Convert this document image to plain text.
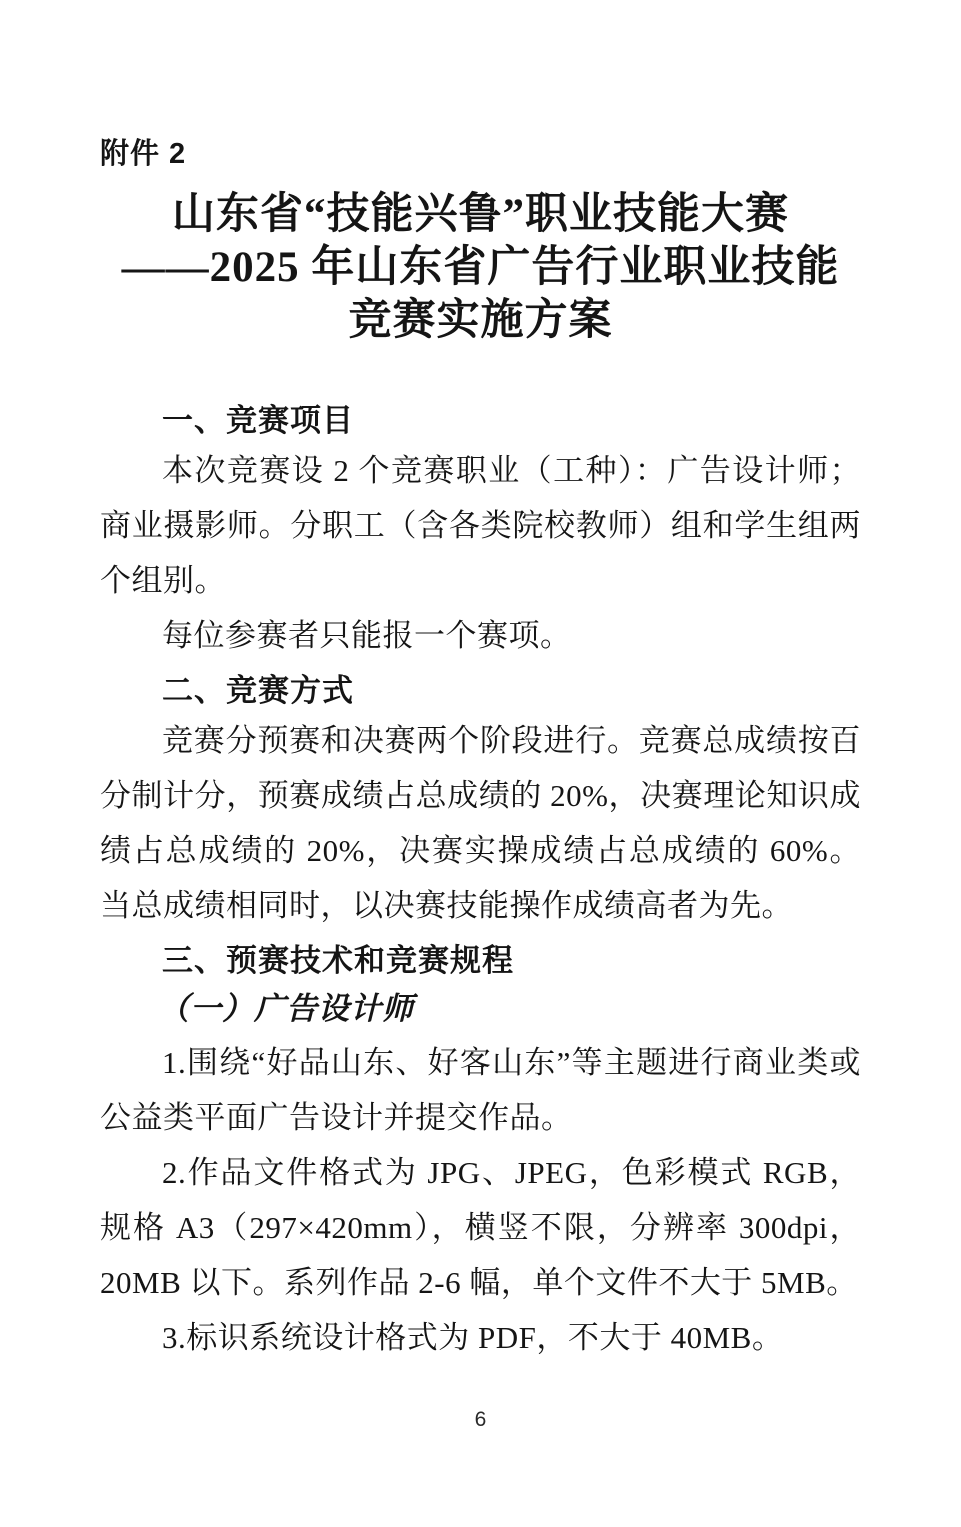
附件 2
山东省“技能兴鲁”职业技能大赛
——2025 年山东省广告行业职业技能
竞赛实施方案
一、竞赛项目

本次竞赛设 2 个竞赛职业（工种）：广告设计师；商业摄影师。分职工（含各类院校教师）组和学生组两个组别。

每位参赛者只能报一个赛项。

二、竞赛方式

竞赛分预赛和决赛两个阶段进行。竞赛总成绩按百分制计分，预赛成绩占总成绩的 20%，决赛理论知识成绩占总成绩的 20%，决赛实操成绩占总成绩的 60%。当总成绩相同时，以决赛技能操作成绩高者为先。

三、预赛技术和竞赛规程
（一）广告设计师

1.围绕“好品山东、好客山东”等主题进行商业类或公益类平面广告设计并提交作品。

2.作品文件格式为 JPG、JPEG，色彩模式 RGB，规格 A3（297×420mm），横竖不限，分辨率 300dpi，20MB 以下。系列作品 2-6 幅，单个文件不大于 5MB。

3.标识系统设计格式为 PDF，不大于 40MB。

6
